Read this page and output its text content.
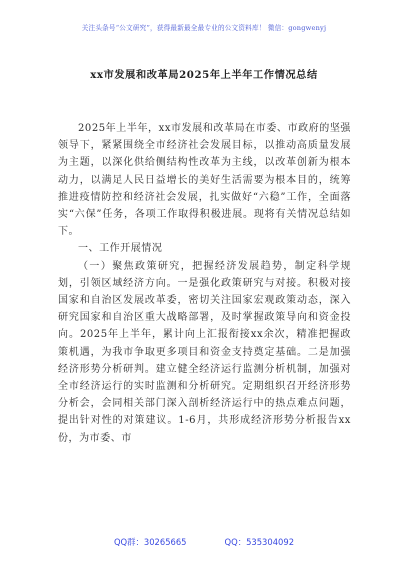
关注头条号“公文研究”，获得最新最全最专业的公文资料库！ 微信：gongwenyj
xx市发展和改革局2025年上半年工作情况总结

2025年上半年，xx市发展和改革局在市委、市政府的坚强领导下，紧紧围绕全市经济社会发展目标，以推动高质量发展为主题，以深化供给侧结构性改革为主线，以改革创新为根本动力，以满足人民日益增长的美好生活需要为根本目的，统筹推进疫情防控和经济社会发展，扎实做好“六稳”工作，全面落实“六保”任务，各项工作取得积极进展。现将有关情况总结如下。

一、工作开展情况

（一）聚焦政策研究，把握经济发展趋势，制定科学规划，引领区域经济方向。一是强化政策研究与对接。积极对接国家和自治区发展改革委，密切关注国家宏观政策动态，深入研究国家和自治区重大战略部署，及时掌握政策导向和资金投向。2025年上半年，累计向上汇报衔接xx余次，精准把握政策机遇，为我市争取更多项目和资金支持奠定基础。二是加强经济形势分析研判。建立健全经济运行监测分析机制，加强对全市经济运行的实时监测和分析研究。定期组织召开经济形势分析会，会同相关部门深入剖析经济运行中的热点难点问题，提出针对性的对策建议。1-6月，共形成经济形势分析报告xx份，为市委、市

QQ群：30265665	QQ：535304092
